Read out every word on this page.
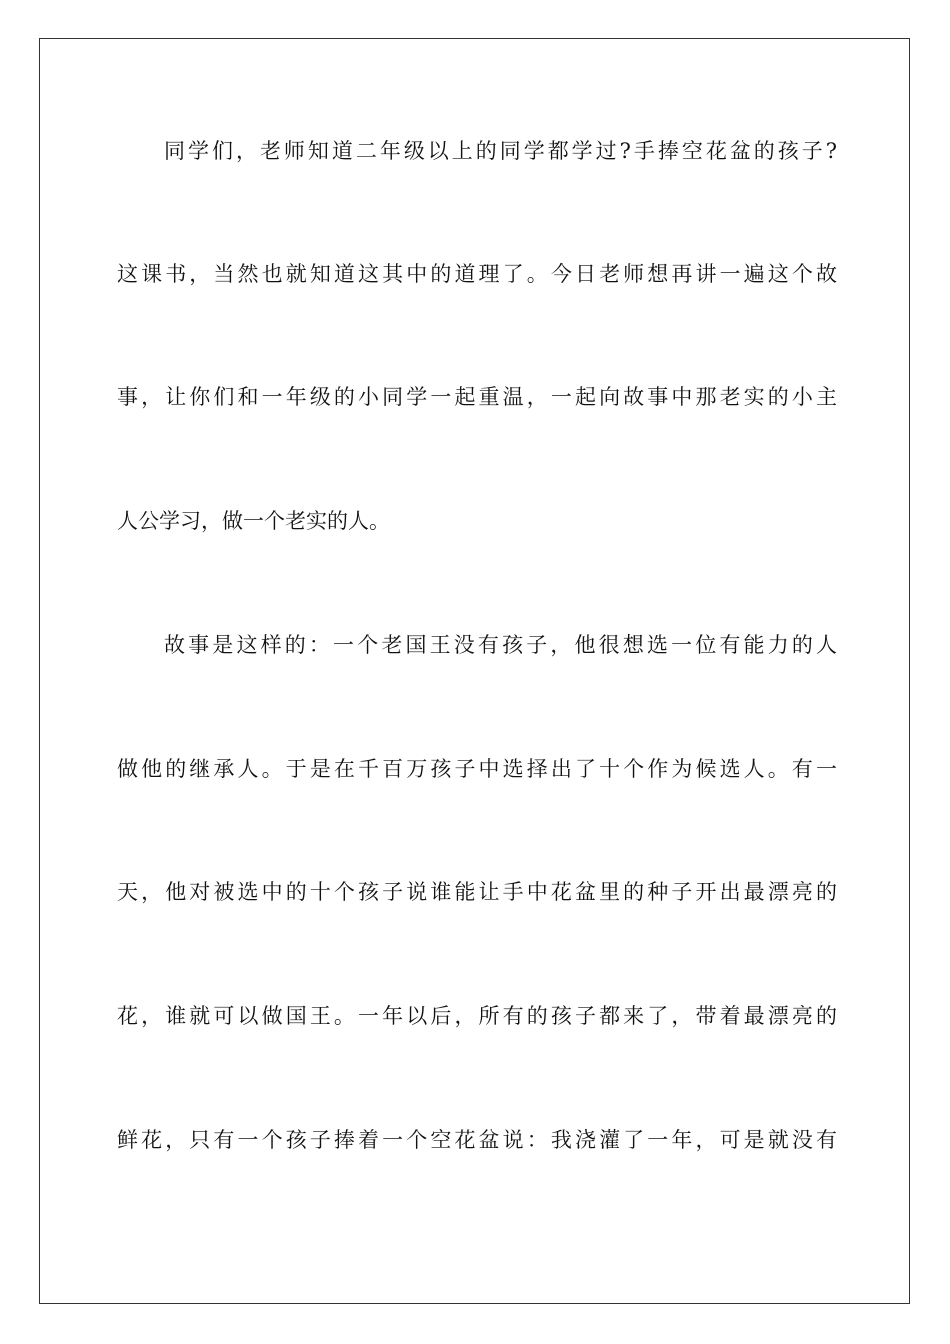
同学们，老师知道二年级以上的同学都学过?手捧空花盆的孩子?
这课书，当然也就知道这其中的道理了。今日老师想再讲一遍这个故
事，让你们和一年级的小同学一起重温，一起向故事中那老实的小主
人公学习，做一个老实的人。
故事是这样的：一个老国王没有孩子，他很想选一位有能力的人
做他的继承人。于是在千百万孩子中选择出了十个作为候选人。有一
天，他对被选中的十个孩子说谁能让手中花盆里的种子开出最漂亮的
花，谁就可以做国王。一年以后，所有的孩子都来了，带着最漂亮的
鲜花，只有一个孩子捧着一个空花盆说：我浇灌了一年，可是就没有
